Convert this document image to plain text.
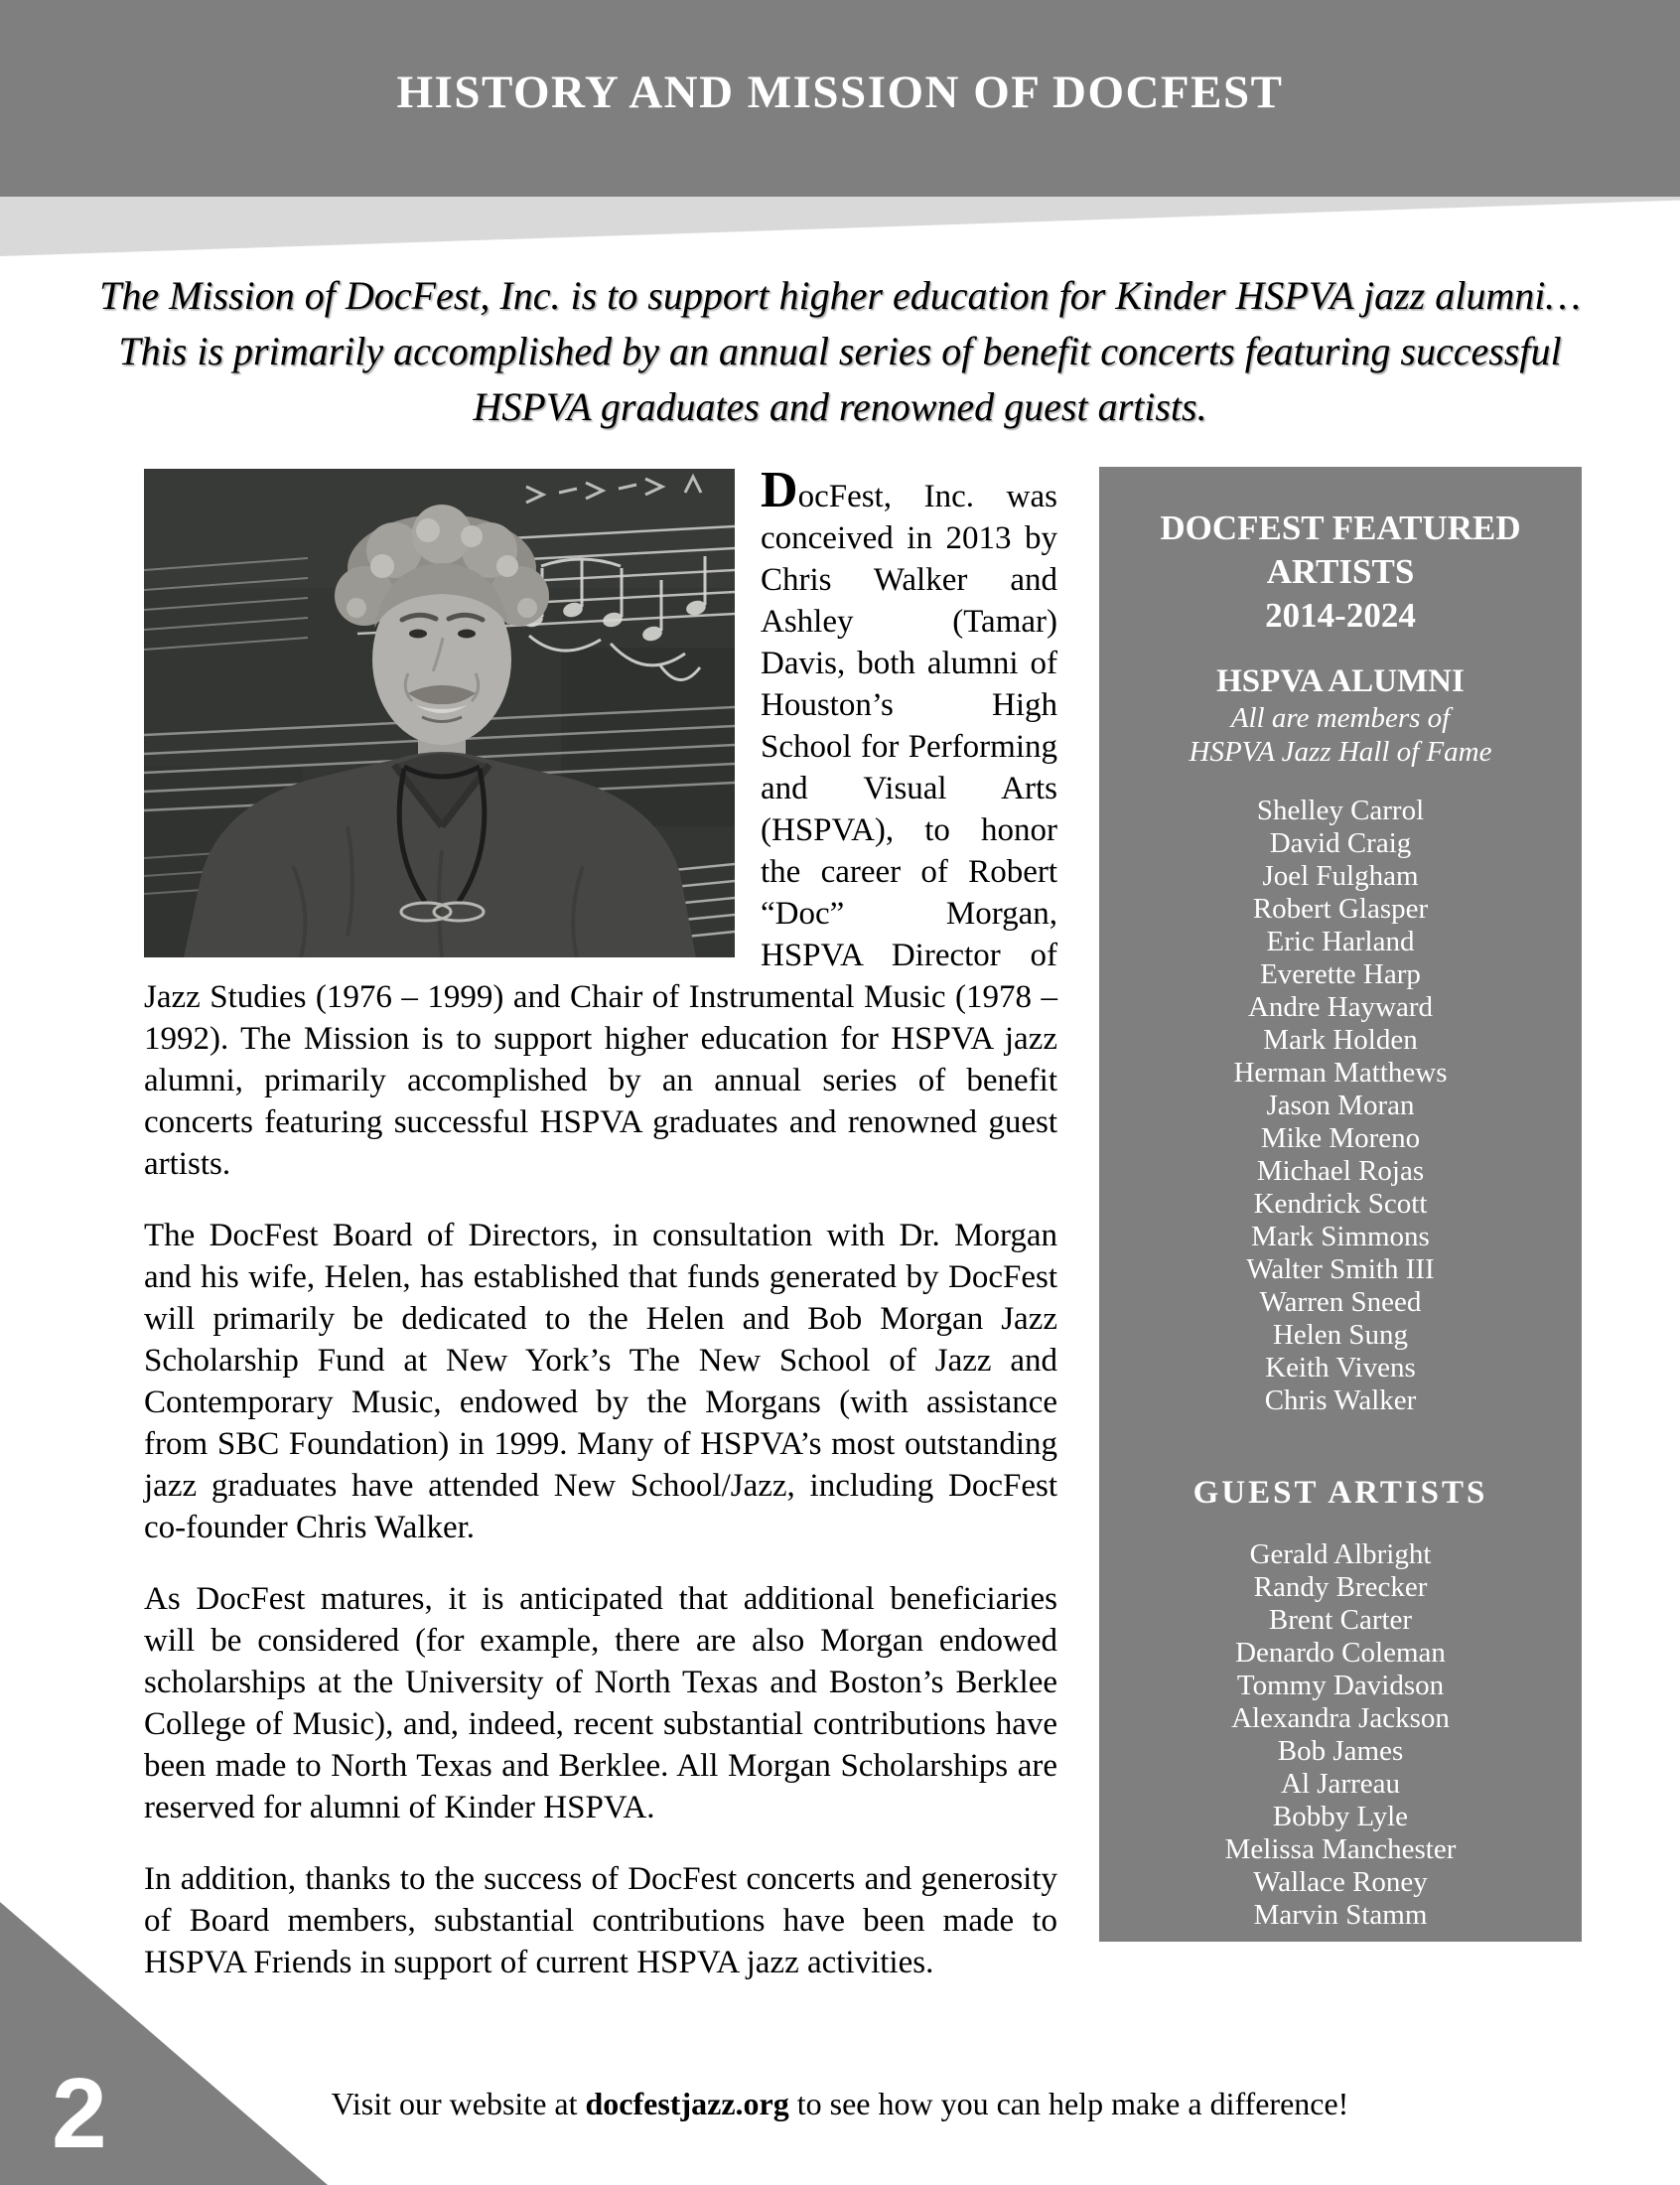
HISTORY AND MISSION OF DOCFEST
The Mission of DocFest, Inc. is to support higher education for Kinder HSPVA jazz alumni…
This is primarily accomplished by an annual series of benefit concerts featuring successful
HSPVA graduates and renowned guest artists.

DocFest, Inc. was conceived in 2013 by Chris Walker and Ashley (Tamar) Davis, both alumni of Houston’s High School for Performing and Visual Arts (HSPVA), to honor the career of Robert “Doc” Morgan, HSPVA Director of Jazz Studies (1976 – 1999) and Chair of Instrumental Music (1978 – 1992). The Mission is to support higher education for HSPVA jazz alumni, primarily accomplished by an annual series of benefit concerts featuring successful HSPVA graduates and renowned guest artists.

The DocFest Board of Directors, in consultation with Dr. Morgan and his wife, Helen, has established that funds generated by DocFest will primarily be dedicated to the Helen and Bob Morgan Jazz Scholarship Fund at New York’s The New School of Jazz and Contemporary Music, endowed by the Morgans (with assistance from SBC Foundation) in 1999. Many of HSPVA’s most outstanding jazz graduates have attended New School/Jazz, including DocFest co-founder Chris Walker.

As DocFest matures, it is anticipated that additional beneficiaries will be considered (for example, there are also Morgan endowed scholarships at the University of North Texas and Boston’s Berklee College of Music), and, indeed, recent substantial contributions have been made to North Texas and Berklee. All Morgan Scholarships are reserved for alumni of Kinder HSPVA.

In addition, thanks to the success of DocFest concerts and generosity of Board members, substantial contributions have been made to HSPVA Friends in support of current HSPVA jazz activities.

DOCFEST FEATURED ARTISTS
2014-2024
HSPVA ALUMNI
All are members of
HSPVA Jazz Hall of Fame
Shelley Carrol
David Craig
Joel Fulgham
Robert Glasper
Eric Harland
Everette Harp
Andre Hayward
Mark Holden
Herman Matthews
Jason Moran
Mike Moreno
Michael Rojas
Kendrick Scott
Mark Simmons
Walter Smith III
Warren Sneed
Helen Sung
Keith Vivens
Chris Walker
GUEST ARTISTS
Gerald Albright
Randy Brecker
Brent Carter
Denardo Coleman
Tommy Davidson
Alexandra Jackson
Bob James
Al Jarreau
Bobby Lyle
Melissa Manchester
Wallace Roney
Marvin Stamm
2	Visit our website at docfestjazz.org to see how you can help make a difference!
